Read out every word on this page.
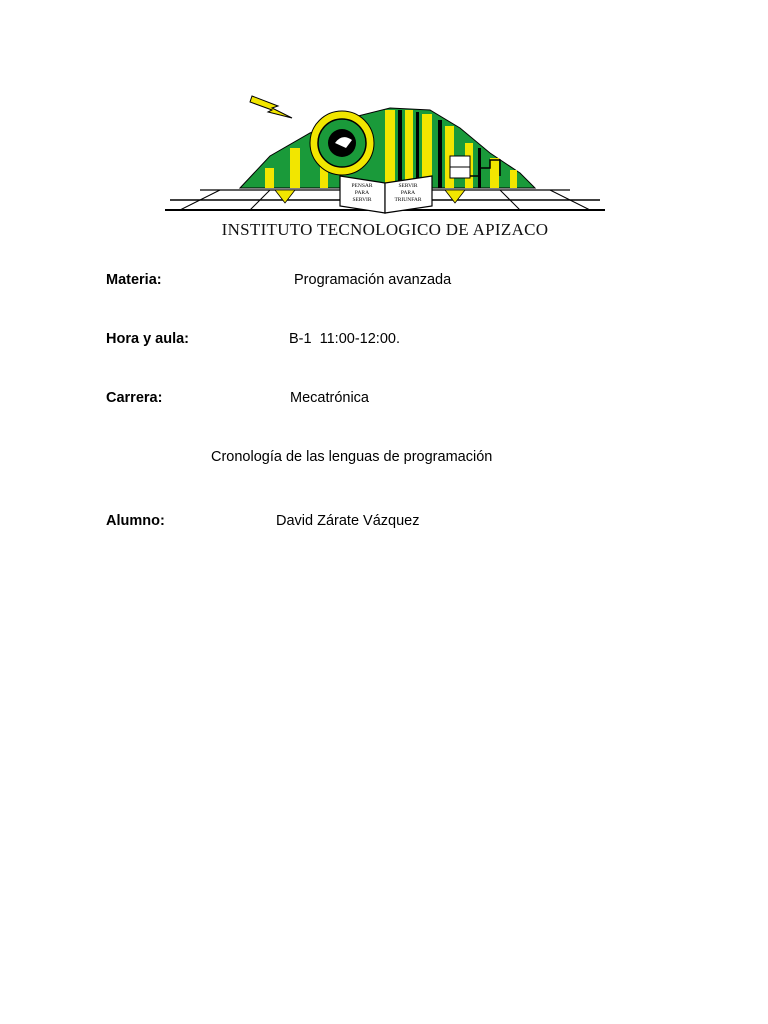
PENSAR
PARA
SERVIR
SERVIR
PARA
TRIUNFAR
INSTITUTO TECNOLOGICO DE APIZACO
Materia:	Programación avanzada
Hora y aula:	B-1  11:00-12:00.
Carrera:	Mecatrónica
Cronología de las lenguas de programación
Alumno:	David Zárate Vázquez
